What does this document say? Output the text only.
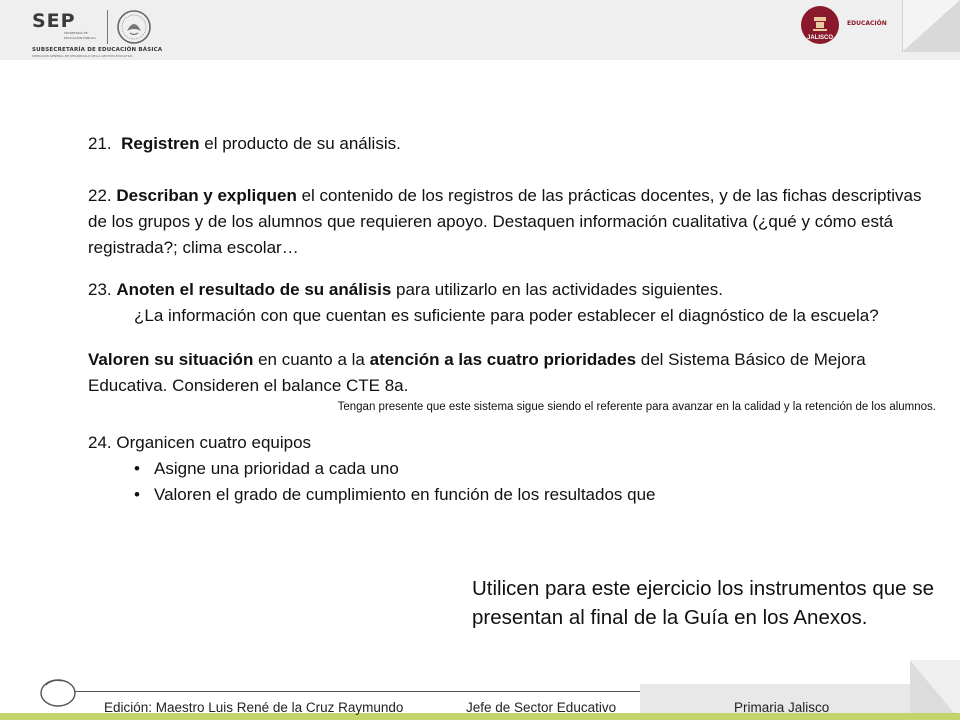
SEP
SECRETARÍA DE
EDUCACIÓN PÚBLICA
SUBSECRETARÍA DE EDUCACIÓN BÁSICA
DIRECCIÓN GENERAL DE DESARROLLO DE LA GESTIÓN EDUCATIVA
JALISCO
EDUCACIÓN

21. Registren el producto de su análisis.

22. Describan y expliquen el contenido de los registros de las prácticas docentes, y de las fichas descriptivas de los grupos y de los alumnos que requieren apoyo. Destaquen información cualitativa (¿qué y cómo está registrada?; clima escolar…

23. Anoten el resultado de su análisis para utilizarlo en las actividades siguientes.

¿La información con que cuentan es suficiente para poder establecer el diagnóstico de la escuela?

Valoren su situación en cuanto a la atención a las cuatro prioridades del Sistema Básico de Mejora Educativa. Consideren el balance CTE 8a.

Tengan presente que este sistema sigue siendo el referente para avanzar en la calidad y la retención de los alumnos.

24. Organicen cuatro equipos

• Asigne una prioridad a cada uno
• Valoren el grado de cumplimiento en función de los resultados que
Utilicen para este ejercicio los instrumentos que se presentan al final de la Guía en los Anexos.
Edición: Maestro Luis René de la Cruz Raymundo	Jefe de Sector Educativo	Primaria Jalisco
